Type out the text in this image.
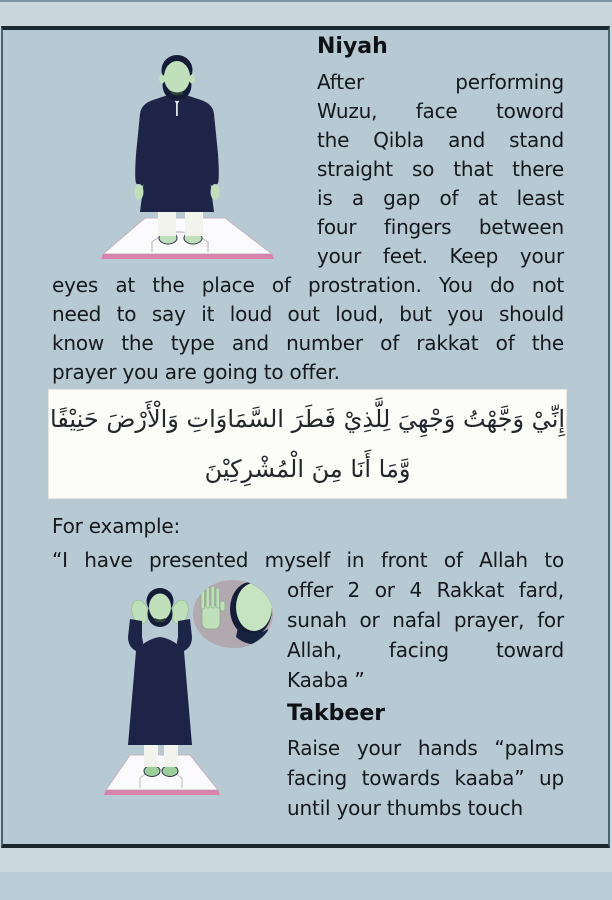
Niyah
After performing
Wuzu, face toword
the Qibla and stand
straight so that there
is a gap of at least
four fingers between
your feet. Keep your
eyes at the place of prostration. You do not
need to say it loud out loud, but you should
know the type and number of rakkat of the
prayer you are going to offer.
إِنِّيْ وَجَّهْتُ وَجْهِيَ لِلَّذِيْ فَطَرَ السَّمَاوَاتِ وَالْأَرْضَ حَنِيْفًا
وَّمَا أَنَا مِنَ الْمُشْرِكِيْنَ
For example:
“I have presented myself in front of Allah to
offer 2 or 4 Rakkat fard,
sunah or nafal prayer, for
Allah, facing toward
Kaaba ”
Takbeer
Raise your hands “palms
facing towards kaaba” up
until your thumbs touch
